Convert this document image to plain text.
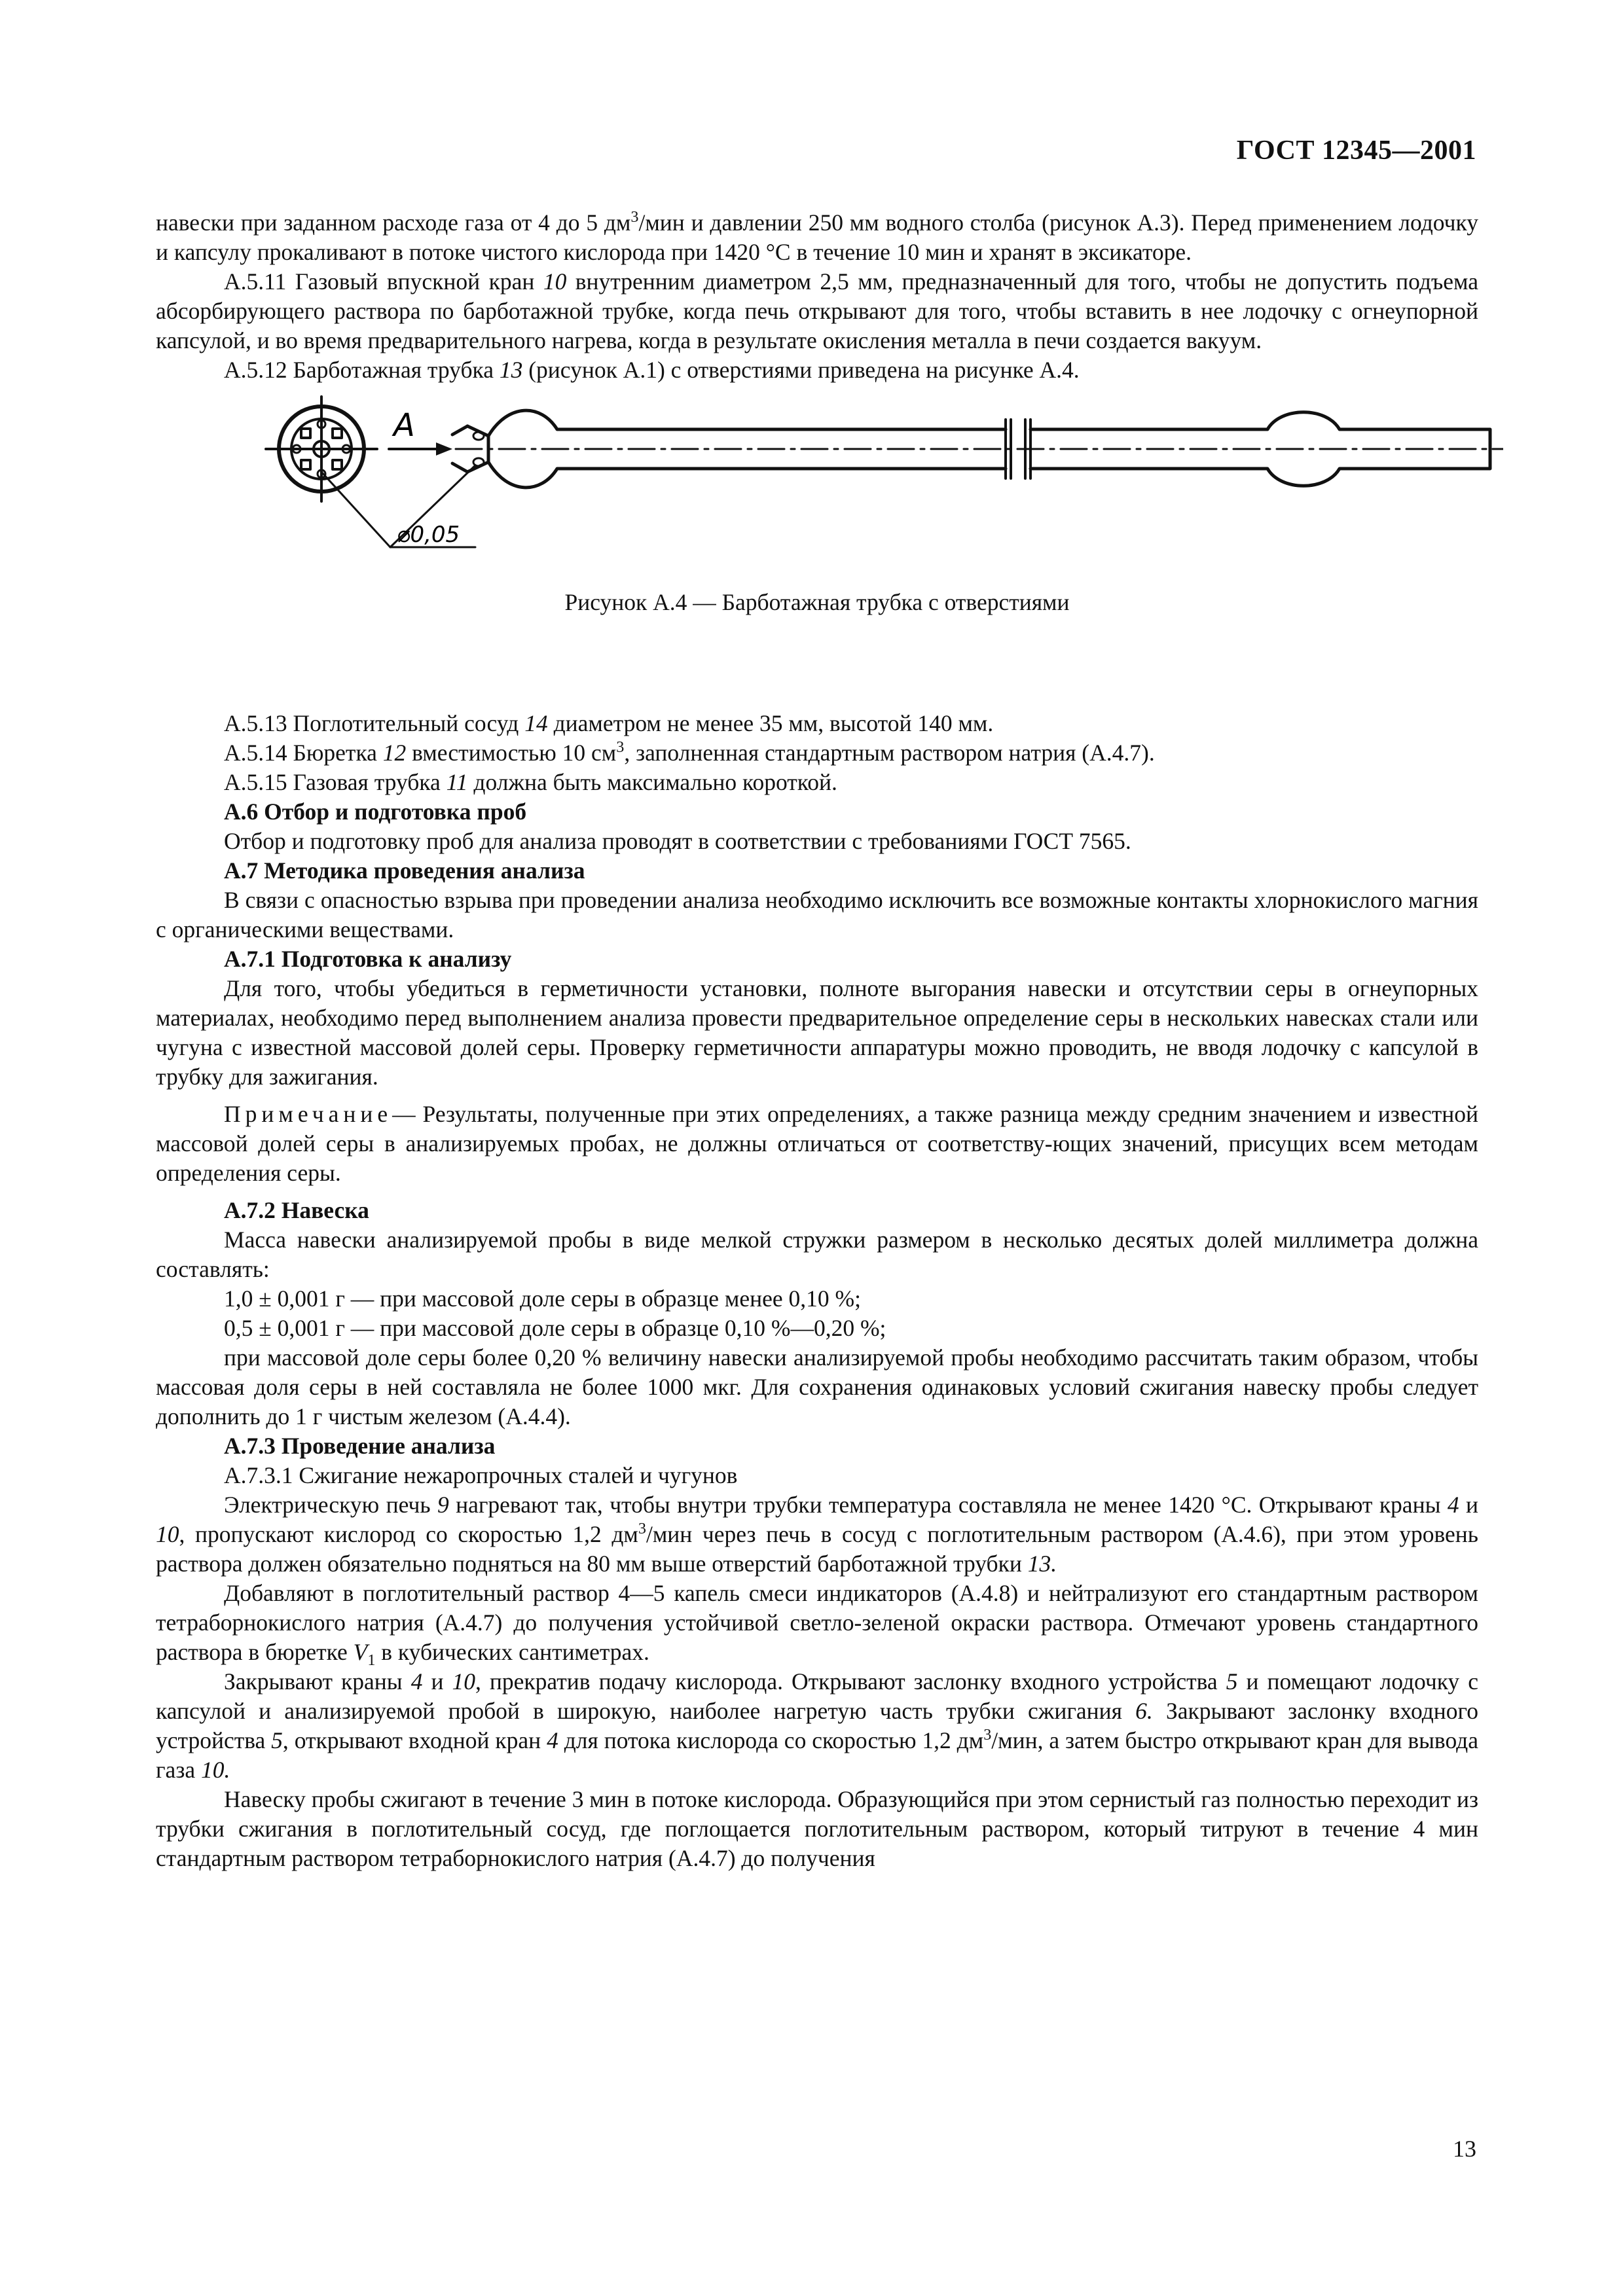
ГОСТ 12345—2001

навески при заданном расходе газа от 4 до 5 $дм^3$/мин и давлении 250 мм водного столба (рисунок А.3). Перед применением лодочку и капсулу прокаливают в потоке чистого кислорода при 1420 °С в течение 10 мин и хранят в эксикаторе.

А.5.11 Газовый впускной кран 10 внутренним диаметром 2,5 мм, предназначенный для того, чтобы не допустить подъема абсорбирующего раствора по барботажной трубке, когда печь открывают для того, чтобы вставить в нее лодочку с огнеупорной капсулой, и во время предварительного нагрева, когда в результате окисления металла в печи создается вакуум.

А.5.12 Барботажная трубка 13 (рисунок А.1) с отверстиями приведена на рисунке А.4.

А
⌀0,05

Рисунок А.4 — Барботажная трубка с отверстиями

А.5.13 Поглотительный сосуд 14 диаметром не менее 35 мм, высотой 140 мм.

А.5.14 Бюретка 12 вместимостью 10 $см^3$, заполненная стандартным раствором натрия (А.4.7).

А.5.15 Газовая трубка 11 должна быть максимально короткой.

А.6 Отбор и подготовка проб

Отбор и подготовку проб для анализа проводят в соответствии с требованиями ГОСТ 7565.

А.7 Методика проведения анализа

В связи с опасностью взрыва при проведении анализа необходимо исключить все возможные контакты хлорнокислого магния с органическими веществами.

А.7.1 Подготовка к анализу

Для того, чтобы убедиться в герметичности установки, полноте выгорания навески и отсутствии серы в огнеупорных материалах, необходимо перед выполнением анализа провести предварительное определение серы в нескольких навесках стали или чугуна с известной массовой долей серы. Проверку герметичности аппаратуры можно проводить, не вводя лодочку с капсулой в трубку для зажигания.

Примечание— Результаты, полученные при этих определениях, а также разница между средним значением и известной массовой долей серы в анализируемых пробах, не должны отличаться от соответству-ющих значений, присущих всем методам определения серы.

А.7.2 Навеска

Масса навески анализируемой пробы в виде мелкой стружки размером в несколько десятых долей миллиметра должна составлять:

1,0 ± 0,001 г — при массовой доле серы в образце менее 0,10 %;

0,5 ± 0,001 г — при массовой доле серы в образце 0,10 %—0,20 %;

при массовой доле серы более 0,20 % величину навески анализируемой пробы необходимо рассчитать таким образом, чтобы массовая доля серы в ней составляла не более 1000 мкг. Для сохранения одинаковых условий сжигания навеску пробы следует дополнить до 1 г чистым железом (А.4.4).

А.7.3 Проведение анализа

А.7.3.1 Сжигание нежаропрочных сталей и чугунов

Электрическую печь 9 нагревают так, чтобы внутри трубки температура составляла не менее 1420 °С. Открывают краны 4 и 10, пропускают кислород со скоростью 1,2 $дм^3$/мин через печь в сосуд с поглотительным раствором (А.4.6), при этом уровень раствора должен обязательно подняться на 80 мм выше отверстий барботажной трубки 13.

Добавляют в поглотительный раствор 4—5 капель смеси индикаторов (А.4.8) и нейтрализуют его стандартным раствором тетраборнокислого натрия (А.4.7) до получения устойчивой светло-зеленой окраски раствора. Отмечают уровень стандартного раствора в бюретке $V_1$ в кубических сантиметрах.

Закрывают краны 4 и 10, прекратив подачу кислорода. Открывают заслонку входного устройства 5 и помещают лодочку с капсулой и анализируемой пробой в широкую, наиболее нагретую часть трубки сжигания 6. Закрывают заслонку входного устройства 5, открывают входной кран 4 для потока кислорода со скоростью 1,2 $дм^3$/мин, а затем быстро открывают кран для вывода газа 10.

Навеску пробы сжигают в течение 3 мин в потоке кислорода. Образующийся при этом сернистый газ полностью переходит из трубки сжигания в поглотительный сосуд, где поглощается поглотительным раствором, который титруют в течение 4 мин стандартным раствором тетраборнокислого натрия (А.4.7) до получения

13
